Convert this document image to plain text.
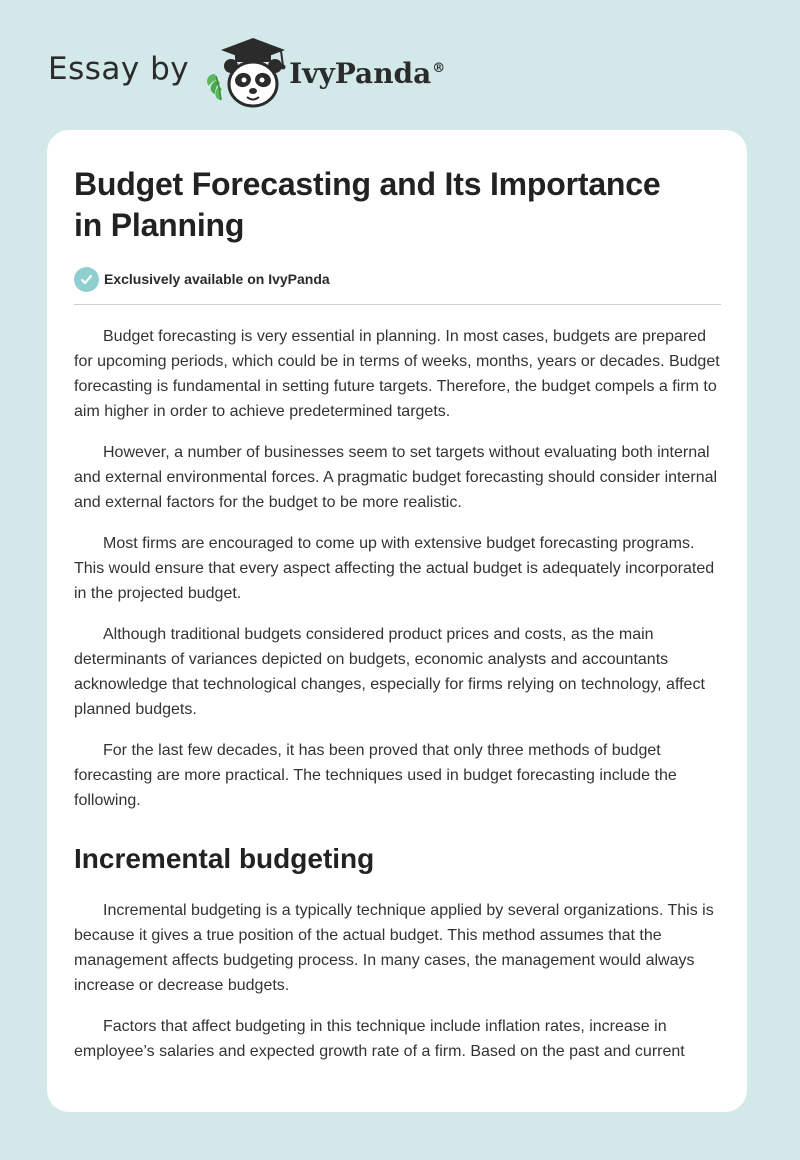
Essay by	IvyPanda®
Budget Forecasting and Its Importance
in Planning
Exclusively available on IvyPanda

Budget forecasting is very essential in planning. In most cases, budgets are prepared for upcoming periods, which could be in terms of weeks, months, years or decades. Budget forecasting is fundamental in setting future targets. Therefore, the budget compels a firm to aim higher in order to achieve predetermined targets.

However, a number of businesses seem to set targets without evaluating both internal and external environmental forces. A pragmatic budget forecasting should consider internal and external factors for the budget to be more realistic.

Most firms are encouraged to come up with extensive budget forecasting programs. This would ensure that every aspect affecting the actual budget is adequately incorporated in the projected budget.

Although traditional budgets considered product prices and costs, as the main determinants of variances depicted on budgets, economic analysts and accountants acknowledge that technological changes, especially for firms relying on technology, affect planned budgets.

For the last few decades, it has been proved that only three methods of budget forecasting are more practical. The techniques used in budget forecasting include the following.

Incremental budgeting

Incremental budgeting is a typically technique applied by several organizations. This is because it gives a true position of the actual budget. This method assumes that the management affects budgeting process. In many cases, the management would always increase or decrease budgets.

Factors that affect budgeting in this technique include inflation rates, increase in employee’s salaries and expected growth rate of a firm. Based on the past and current
